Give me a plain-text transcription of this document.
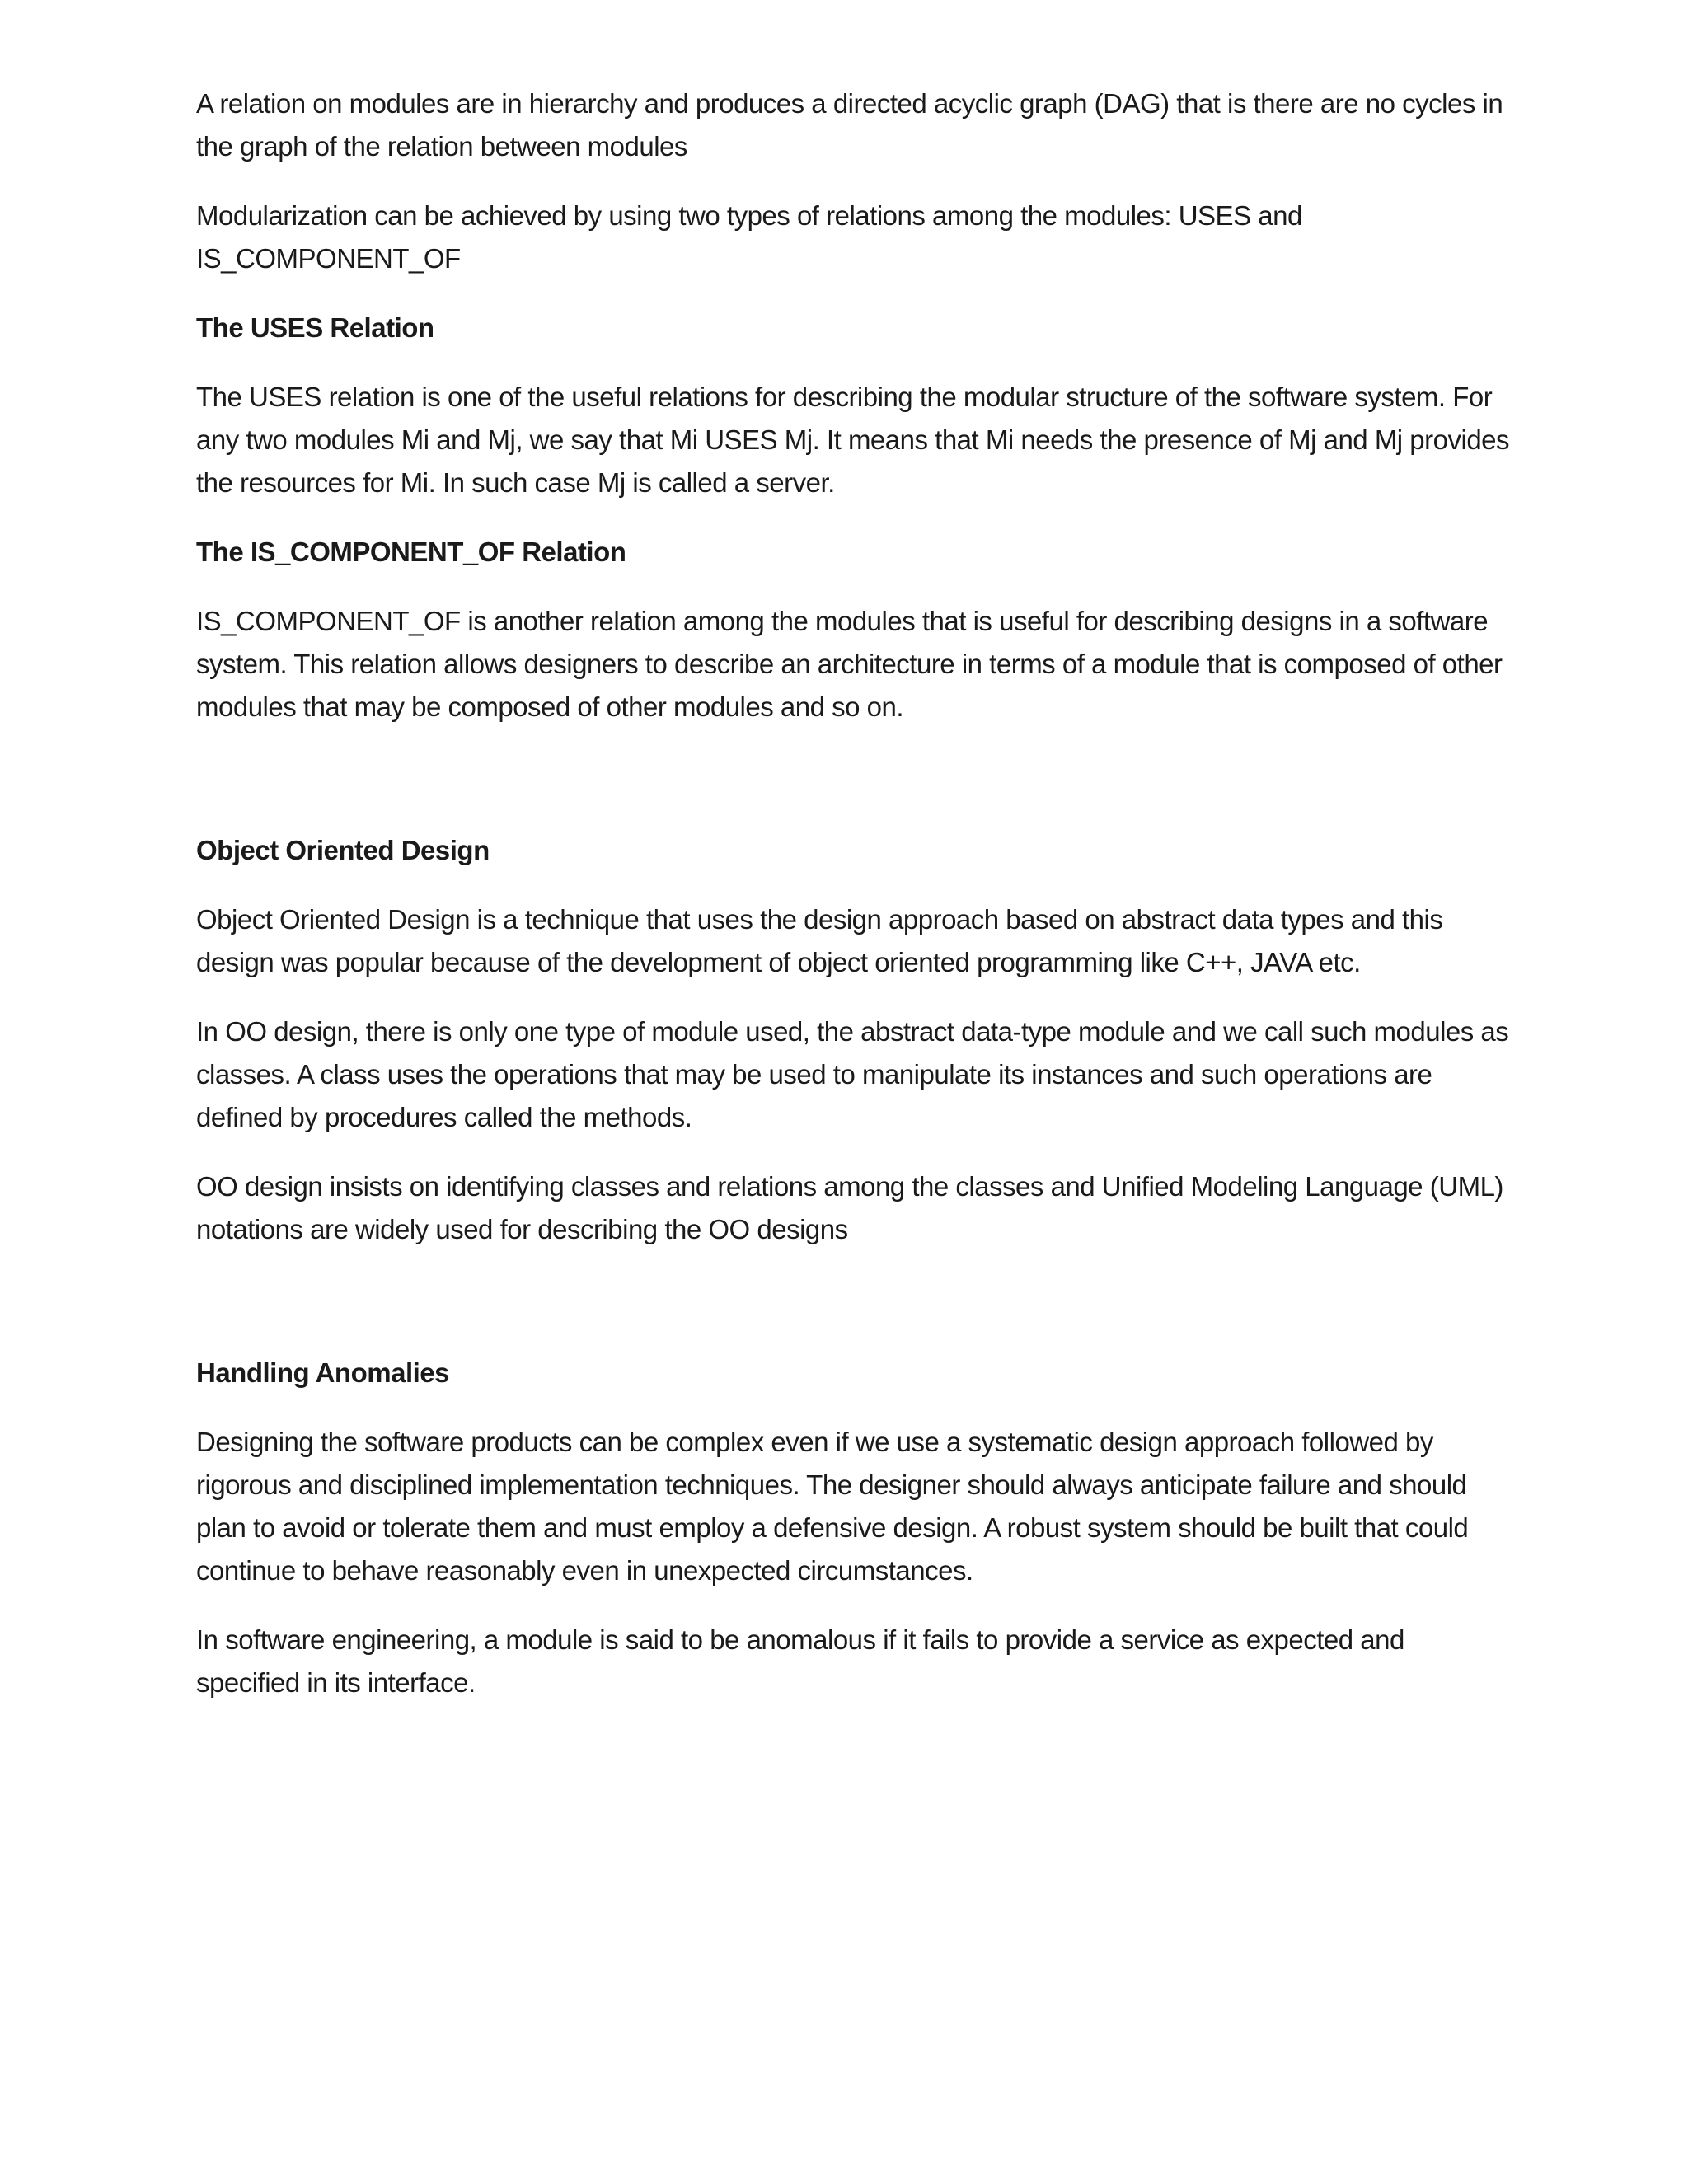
A relation on modules are in hierarchy and produces a directed acyclic graph (DAG) that is there are no cycles in the graph of the relation between modules

Modularization can be achieved by using two types of relations among the modules: USES and IS_COMPONENT_OF

The USES Relation

The USES relation is one of the useful relations for describing the modular structure of the software system. For any two modules Mi and Mj, we say that Mi USES Mj. It means that Mi needs the presence of Mj and Mj provides the resources for Mi. In such case Mj is called a server.

The IS_COMPONENT_OF Relation

IS_COMPONENT_OF is another relation among the modules that is useful for describing designs in a software system. This relation allows designers to describe an architecture in terms of a module that is composed of other modules that may be composed of other modules and so on.

Object Oriented Design

Object Oriented Design is a technique that uses the design approach based on abstract data types and this design was popular because of the development of object oriented programming like C++, JAVA etc.

In OO design, there is only one type of module used, the abstract data-type module and we call such modules as classes. A class uses the operations that may be used to manipulate its instances and such operations are defined by procedures called the methods.

OO design insists on identifying classes and relations among the classes and Unified Modeling Language (UML) notations are widely used for describing the OO designs

Handling Anomalies

Designing the software products can be complex even if we use a systematic design approach followed by rigorous and disciplined implementation techniques. The designer should always anticipate failure and should plan to avoid or tolerate them and must employ a defensive design. A robust system should be built that could continue to behave reasonably even in unexpected circumstances.

In software engineering, a module is said to be anomalous if it fails to provide a service as expected and specified in its interface.
